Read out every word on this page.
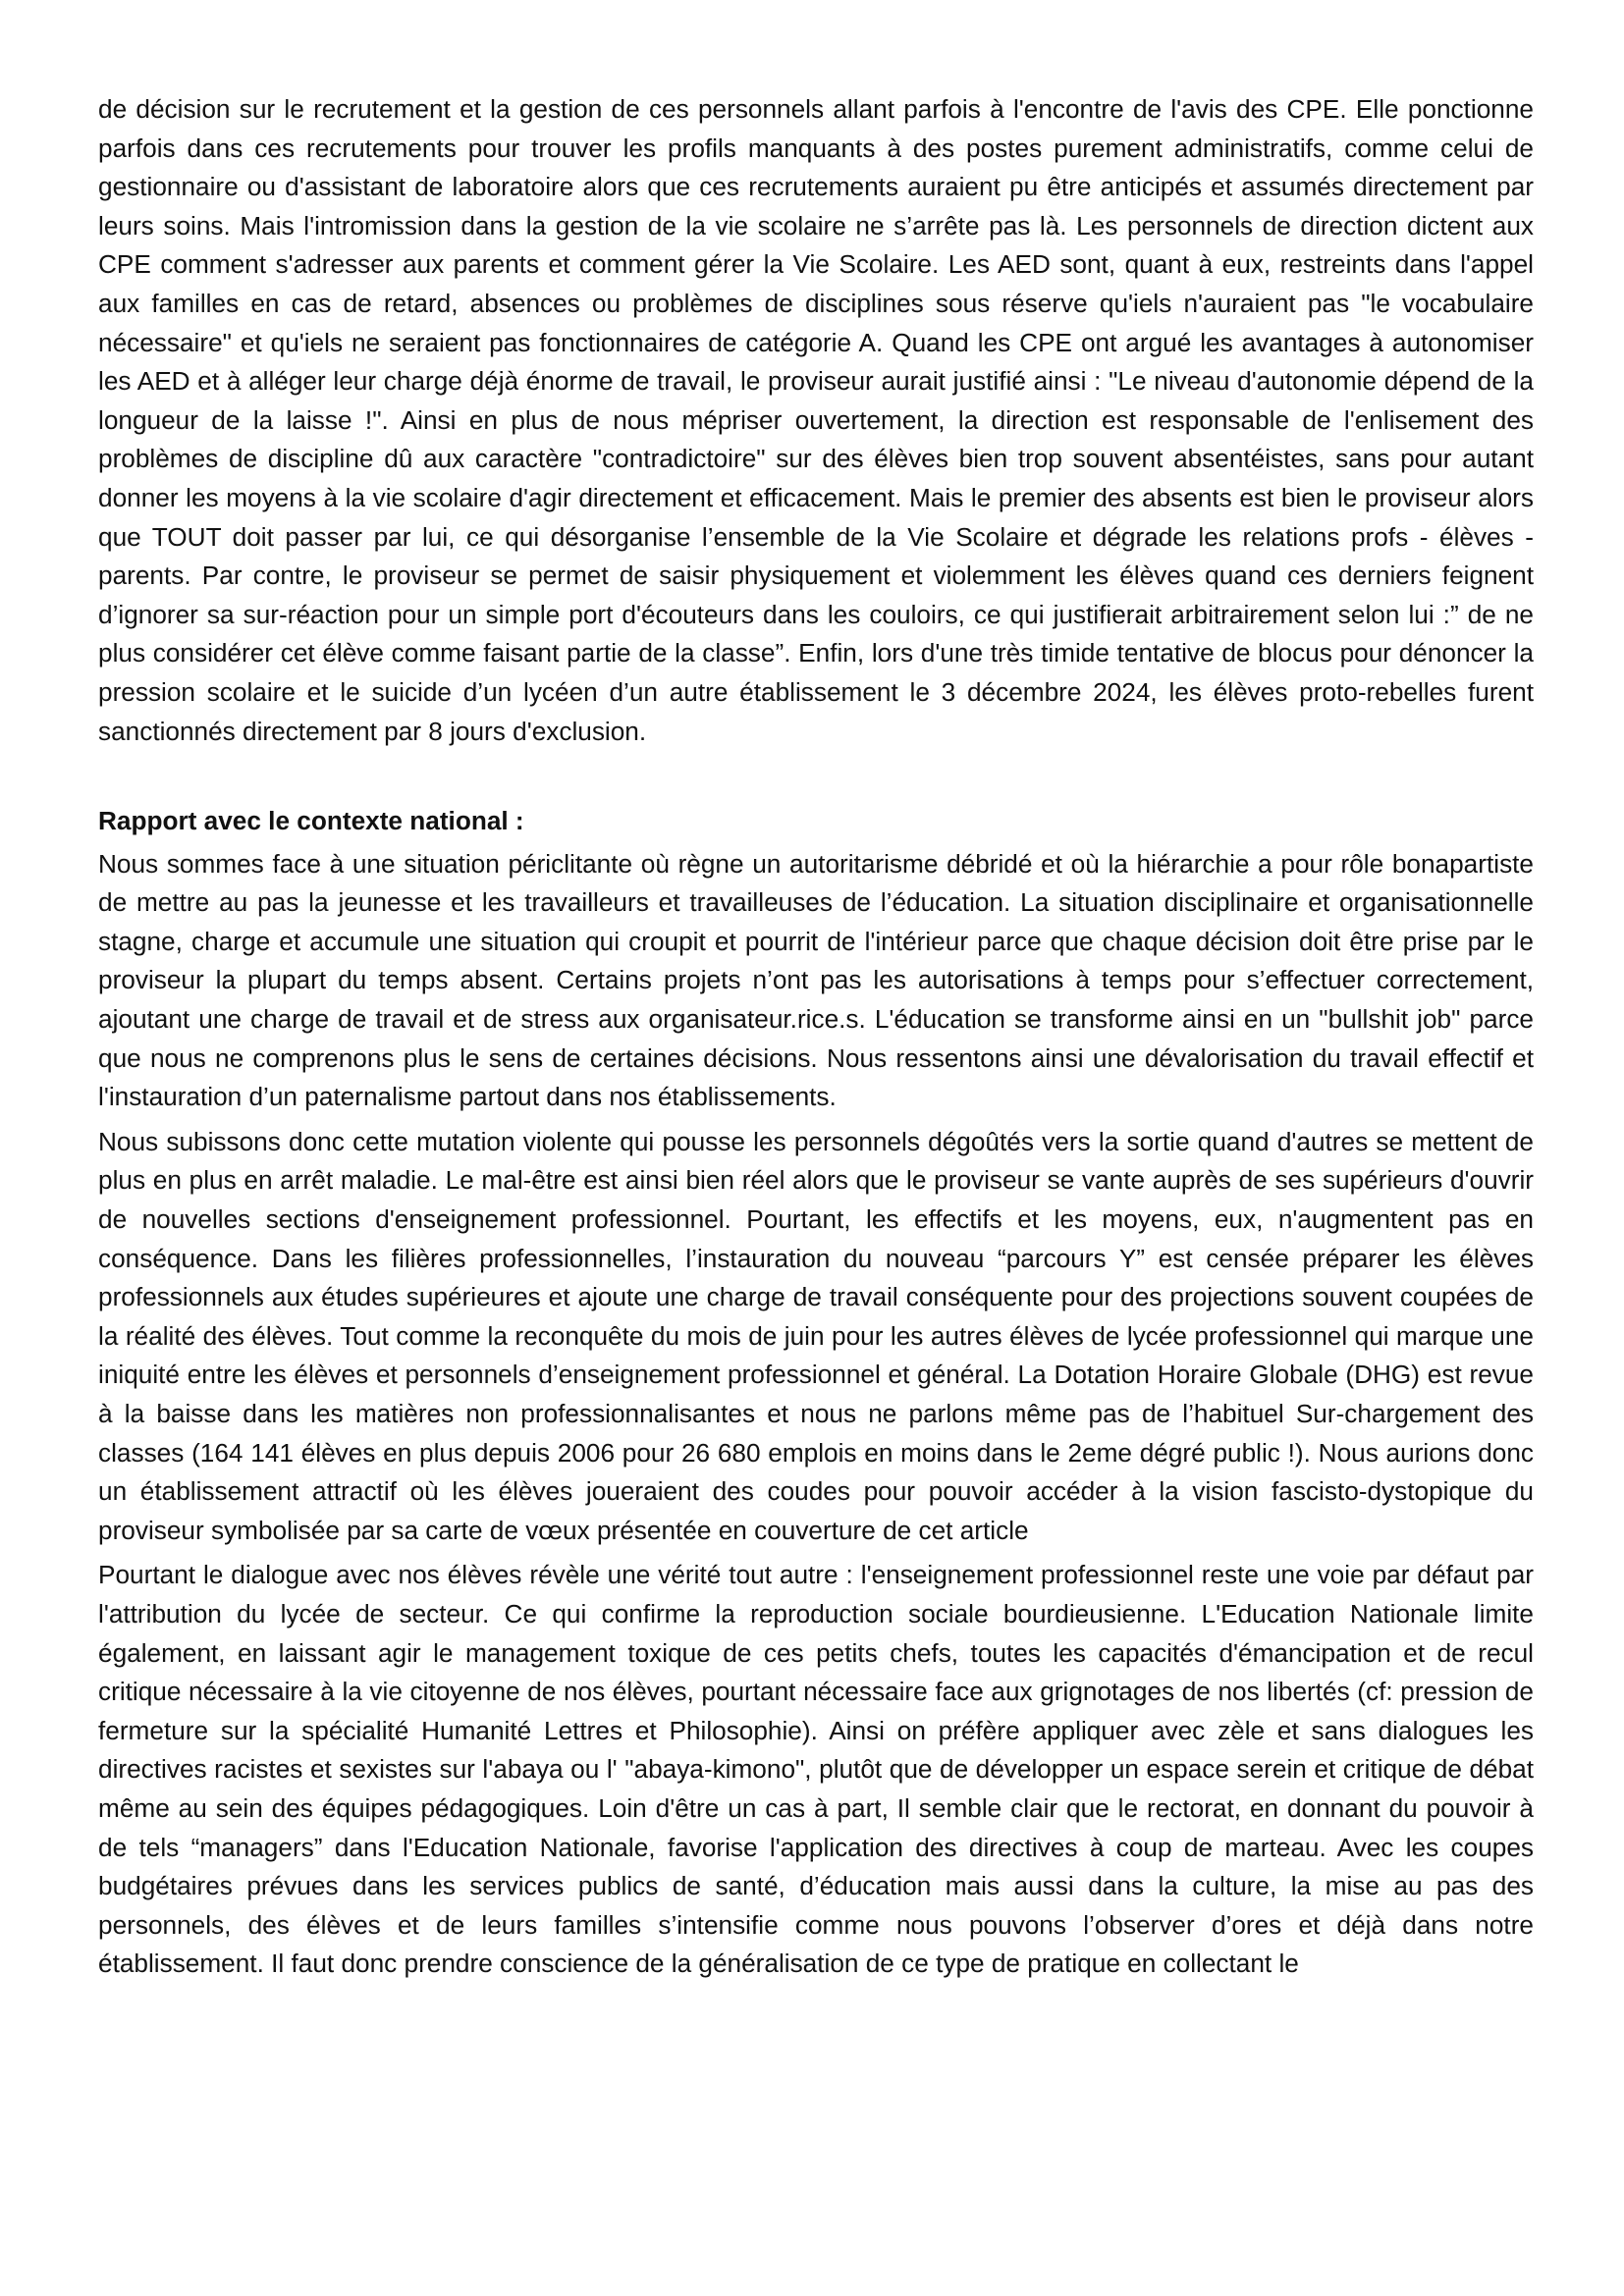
de décision sur le recrutement et la gestion de ces personnels allant parfois à l'encontre de l'avis des CPE. Elle ponctionne parfois dans ces recrutements pour trouver les profils manquants à des postes purement administratifs, comme celui de gestionnaire ou d'assistant de laboratoire alors que ces recrutements auraient pu être anticipés et assumés directement par leurs soins. Mais l'intromission dans la gestion de la vie scolaire ne s’arrête pas là. Les personnels de direction dictent aux CPE comment s'adresser aux parents et comment gérer la Vie Scolaire. Les AED sont, quant à eux, restreints dans l'appel aux familles en cas de retard, absences ou problèmes de disciplines sous réserve qu'iels n'auraient pas "le vocabulaire nécessaire" et qu'iels ne seraient pas fonctionnaires de catégorie A. Quand les CPE ont argué les avantages à autonomiser les AED et à alléger leur charge déjà énorme de travail, le proviseur aurait justifié ainsi : "Le niveau d'autonomie dépend de la longueur de la laisse !". Ainsi en plus de nous mépriser ouvertement, la direction est responsable de l'enlisement des problèmes de discipline dû aux caractère "contradictoire" sur des élèves bien trop souvent absentéistes, sans pour autant donner les moyens à la vie scolaire d'agir directement et efficacement. Mais le premier des absents est bien le proviseur alors que TOUT doit passer par lui, ce qui désorganise l’ensemble de la Vie Scolaire et dégrade les relations profs - élèves - parents. Par contre, le proviseur se permet de saisir physiquement et violemment les élèves quand ces derniers feignent d’ignorer sa sur-réaction pour un simple port d'écouteurs dans les couloirs, ce qui justifierait arbitrairement selon lui :” de ne plus considérer cet élève comme faisant partie de la classe”. Enfin, lors d'une très timide tentative de blocus pour dénoncer la pression scolaire et le suicide d’un lycéen d’un autre établissement le 3 décembre 2024, les élèves proto-rebelles furent sanctionnés directement par 8 jours d'exclusion.

Rapport avec le contexte national :

Nous sommes face à une situation périclitante où règne un autoritarisme débridé et où la hiérarchie a pour rôle bonapartiste de mettre au pas la jeunesse et les travailleurs et travailleuses de l’éducation. La situation disciplinaire et organisationnelle stagne, charge et accumule une situation qui croupit et pourrit de l'intérieur parce que chaque décision doit être prise par le proviseur la plupart du temps absent. Certains projets n’ont pas les autorisations à temps pour s’effectuer correctement, ajoutant une charge de travail et de stress aux organisateur.rice.s. L'éducation se transforme ainsi en un "bullshit job" parce que nous ne comprenons plus le sens de certaines décisions. Nous ressentons ainsi une dévalorisation du travail effectif et l'instauration d’un paternalisme partout dans nos établissements.

Nous subissons donc cette mutation violente qui pousse les personnels dégoûtés vers la sortie quand d'autres se mettent de plus en plus en arrêt maladie. Le mal-être est ainsi bien réel alors que le proviseur se vante auprès de ses supérieurs d'ouvrir de nouvelles sections d'enseignement professionnel. Pourtant, les effectifs et les moyens, eux, n'augmentent pas en conséquence. Dans les filières professionnelles, l’instauration du nouveau “parcours Y” est censée préparer les élèves professionnels aux études supérieures et ajoute une charge de travail conséquente pour des projections souvent coupées de la réalité des élèves. Tout comme la reconquête du mois de juin pour les autres élèves de lycée professionnel qui marque une iniquité entre les élèves et personnels d’enseignement professionnel et général. La Dotation Horaire Globale (DHG) est revue à la baisse dans les matières non professionnalisantes et nous ne parlons même pas de l’habituel Sur-chargement des classes (164 141 élèves en plus depuis 2006 pour 26 680 emplois en moins dans le 2eme dégré public !). Nous aurions donc un établissement attractif où les élèves joueraient des coudes pour pouvoir accéder à la vision fascisto-dystopique du proviseur symbolisée par sa carte de vœux présentée en couverture de cet article

Pourtant le dialogue avec nos élèves révèle une vérité tout autre : l'enseignement professionnel reste une voie par défaut par l'attribution du lycée de secteur. Ce qui confirme la reproduction sociale bourdieusienne. L'Education Nationale limite également, en laissant agir le management toxique de ces petits chefs, toutes les capacités d'émancipation et de recul critique nécessaire à la vie citoyenne de nos élèves, pourtant nécessaire face aux grignotages de nos libertés (cf: pression de fermeture sur la spécialité Humanité Lettres et Philosophie). Ainsi on préfère appliquer avec zèle et sans dialogues les directives racistes et sexistes sur l'abaya ou l' "abaya-kimono", plutôt que de développer un espace serein et critique de débat même au sein des équipes pédagogiques. Loin d'être un cas à part, Il semble clair que le rectorat, en donnant du pouvoir à de tels “managers” dans l'Education Nationale, favorise l'application des directives à coup de marteau. Avec les coupes budgétaires prévues dans les services publics de santé, d’éducation mais aussi dans la culture, la mise au pas des personnels, des élèves et de leurs familles s’intensifie comme nous pouvons l’observer d’ores et déjà dans notre établissement. Il faut donc prendre conscience de la généralisation de ce type de pratique en collectant le
